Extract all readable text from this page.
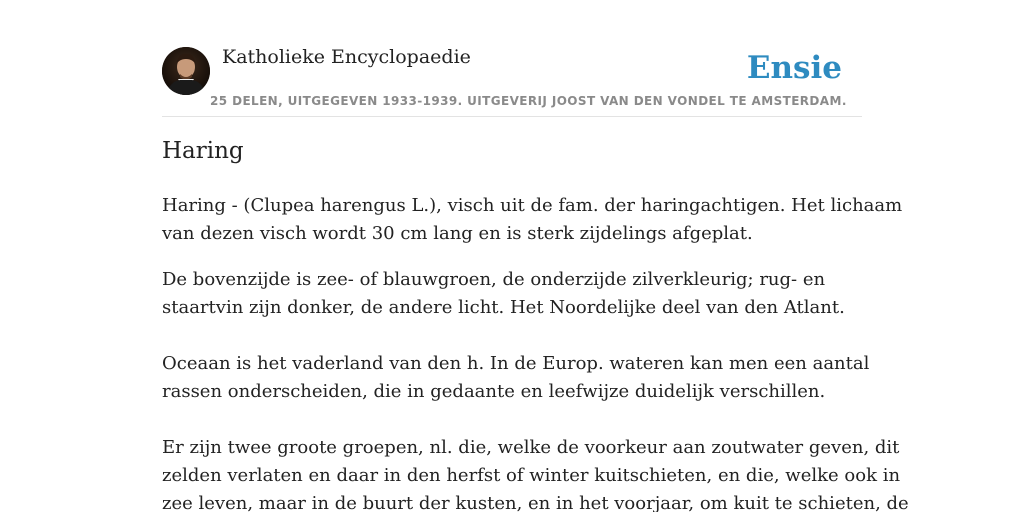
Katholieke Encyclopaedie
25 DELEN, UITGEGEVEN 1933-1939. UITGEVERIJ JOOST VAN DEN VONDEL TE AMSTERDAM.
Ensie
Haring

Haring - (Clupea harengus L.), visch uit de fam. der haringachtigen. Het lichaam
van dezen visch wordt 30 cm lang en is sterk zijdelings afgeplat.

De bovenzijde is zee- of blauwgroen, de onderzijde zilverkleurig; rug- en
staartvin zijn donker, de andere licht. Het Noordelijke deel van den Atlant.

Oceaan is het vaderland van den h. In de Europ. wateren kan men een aantal
rassen onderscheiden, die in gedaante en leefwijze duidelijk verschillen.

Er zijn twee groote groepen, nl. die, welke de voorkeur aan zoutwater geven, dit
zelden verlaten en daar in den herfst of winter kuitschieten, en die, welke ook in
zee leven, maar in de buurt der kusten, en in het voorjaar, om kuit te schieten, de
